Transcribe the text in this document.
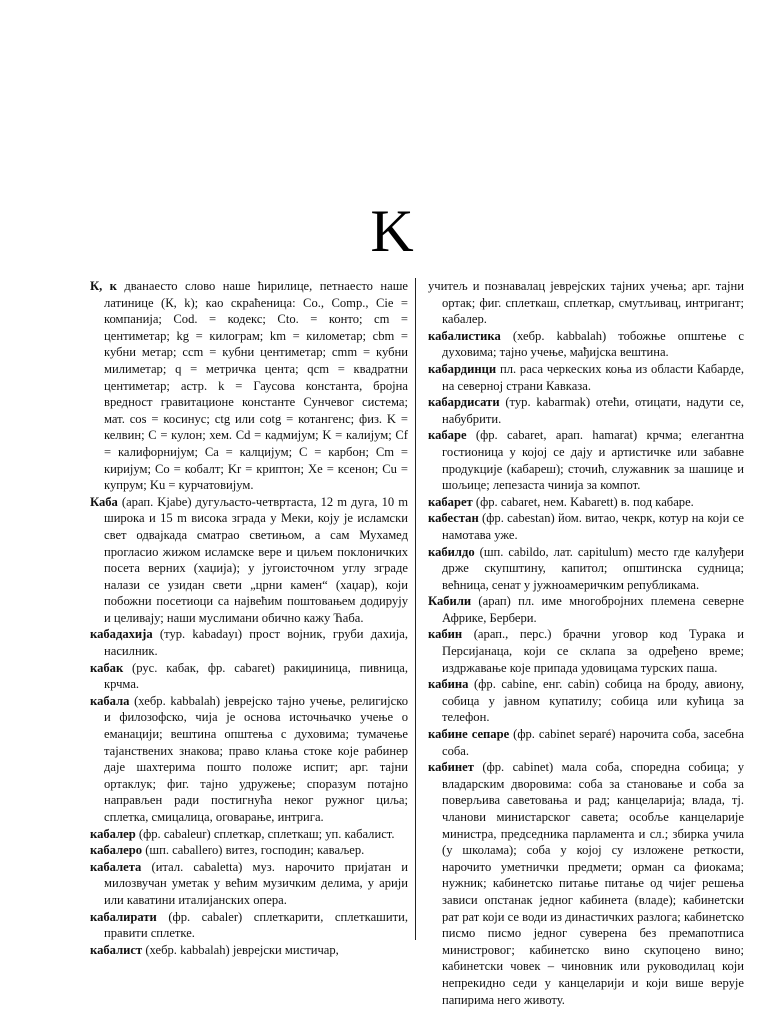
K

К, к дванаесто слово наше ћирилице, петнаесто наше латинице (К, k); као скраћеница: Co., Comp., Cie = компанија; Cod. = кодекс; Cto. = конто; cm = центиметар; kg = килограм; km = километар; cbm = кубни метар; ccm = кубни центиметар; cmm = кубни милиметар; q = метричка цента; qcm = квадратни центиметар; астр. k = Гаусова константа, бројна вредност гравитационе константе Сунчевог система; мат. cos = косинус; ctg или cotg = котангенс; физ. K = келвин; C = кулон; хем. Cd = кадмијум; K = калијум; Cf = калифорнијум; Ca = калцијум; C = карбон; Cm = киријум; Co = кобалт; Kr = криптон; Xe = ксенон; Cu = купрум; Ku = курчатовијум.

Каба (арап. Kjabe) дугуљасто-четвртаста, 12 m дуга, 10 m широка и 15 m висока зграда у Меки, коју је исламски свет одвајкада сматрао светињом, а сам Мухамед прогласио жижом исламске вере и циљем поклоничких посета верних (хаџија); у југоисточном углу зграде налази се узидан свети „црни камен“ (хаџар), који побожни посетиоци са највећим поштовањем додирују и целивају; наши муслимани обично кажу Ћаба.

кабадахија (тур. kabadayı) прост војник, груби дахија, насилник.

кабак (рус. кабак, фр. cabaret) ракиџиница, пивница, крчма.

кабала (хебр. kabbalah) јеврејско тајно учење, религијско и филозофско, чија је основа источњачко учење о еманацији; вештина општења с духовима; тумачење тајанствених знакова; право клања стоке које рабинер даје шахтерима пошто положе испит; арг. тајни ортаклук; фиг. тајно удружење; споразум потајно направљен ради постигнућа неког ружног циља; сплетка, смицалица, оговарање, интрига.

кабалер (фр. cabaleur) сплеткар, сплеткаш; уп. кабалист.

кабалеро (шп. caballero) витез, господин; кавaљер.

кабалета (итал. cabaletta) муз. нарочито пријатан и милозвучан уметак у већим музичким делима, у арији или каватини италијанских опера.

кабалирати (фр. cabaler) сплеткарити, сплеткашити, правити сплетке.

кабалист (хебр. kabbalah) јеврејски мистичар,

учитељ и познавалац јеврејских тајних учења; арг. тајни ортак; фиг. сплеткаш, сплеткар, смутљивац, интригант; кабалер.

кабалистика (хебр. kabbalah) тобожње општење с духовима; тајно учење, мађијска вештина.

кабардинци пл. раса черкеских коња из области Кабарде, на северној страни Кавказа.

кабардисати (тур. kabarmak) отећи, отицати, надути се, набубрити.

кабаре (фр. cabaret, арап. hamarat) крчма; елегантна гостионица у којој се дају и артистичке или забавне продукције (кабареш); сточић, служавник за шашице и шољице; лепезаста чинија за компот.

кабарет (фр. cabaret, нем. Kabarett) в. под кабаре.

кабестан (фр. cabestan) йом. витао, чекрк, котур на који се намотава уже.

кабилдо (шп. cabildo, лат. capitulum) место где калуђери држе скупштину, капитол; општинска судница; већница, сенат у јужноамеричким републикама.

Кабили (арап) пл. име многобројних племена северне Африке, Бербери.

кабин (арап., перс.) брачни уговор код Турака и Персијанаца, који се склапа за одређено време; издржавање које припада удовицама турских паша.

кабина (фр. cabine, енг. cabin) собица на броду, авиону, собица у јавном купатилу; собица или кућица за телефон.

кабине сепаре (фр. cabinet separé) нарочита соба, засебна соба.

кабинет (фр. cabinet) мала соба, споредна собица; у владарским дворовима: соба за становање и соба за поверљива саветовања и рад; канцеларија; влада, тј. чланови министарског савета; особље канцеларије министра, председника парламента и сл.; збирка учила (у школама); соба у којој су изложене реткости, нарочито уметнички предмети; орман са фиокама; нужник; кабинетско питање питање од чијег решења зависи опстанак једног кабинета (владе); кабинетски рат рат који се води из династичких разлога; кабинетско писмо писмо једног суверена без премапотписа министровог; кабинетско вино скупоцено вино; кабинетски човек – чиновник или руководилац који непрекидно седи у канцеларији и који више верује папирима него животу.
